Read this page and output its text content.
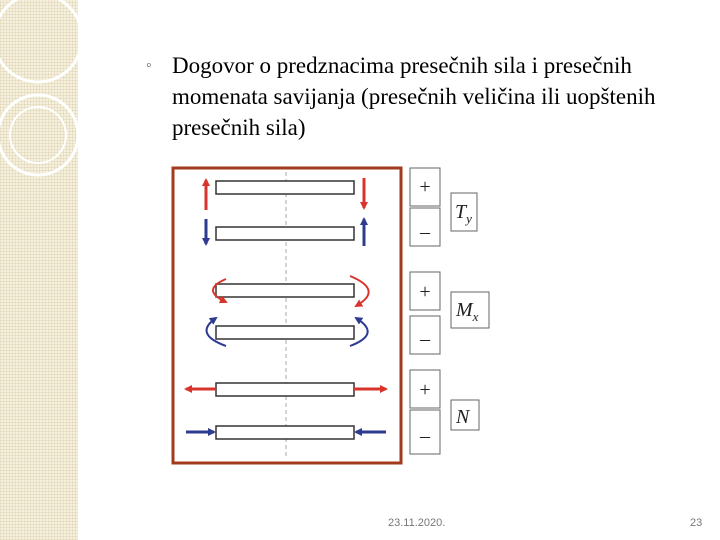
◦ Dogovor o predznacima presečnih sila i presečnih momenata savijanja (presečnih veličina ili uopštenih presečnih sila)
+
–
+
–
+
–
$T_y$
$M_x$
N
23.11.2020.	23
